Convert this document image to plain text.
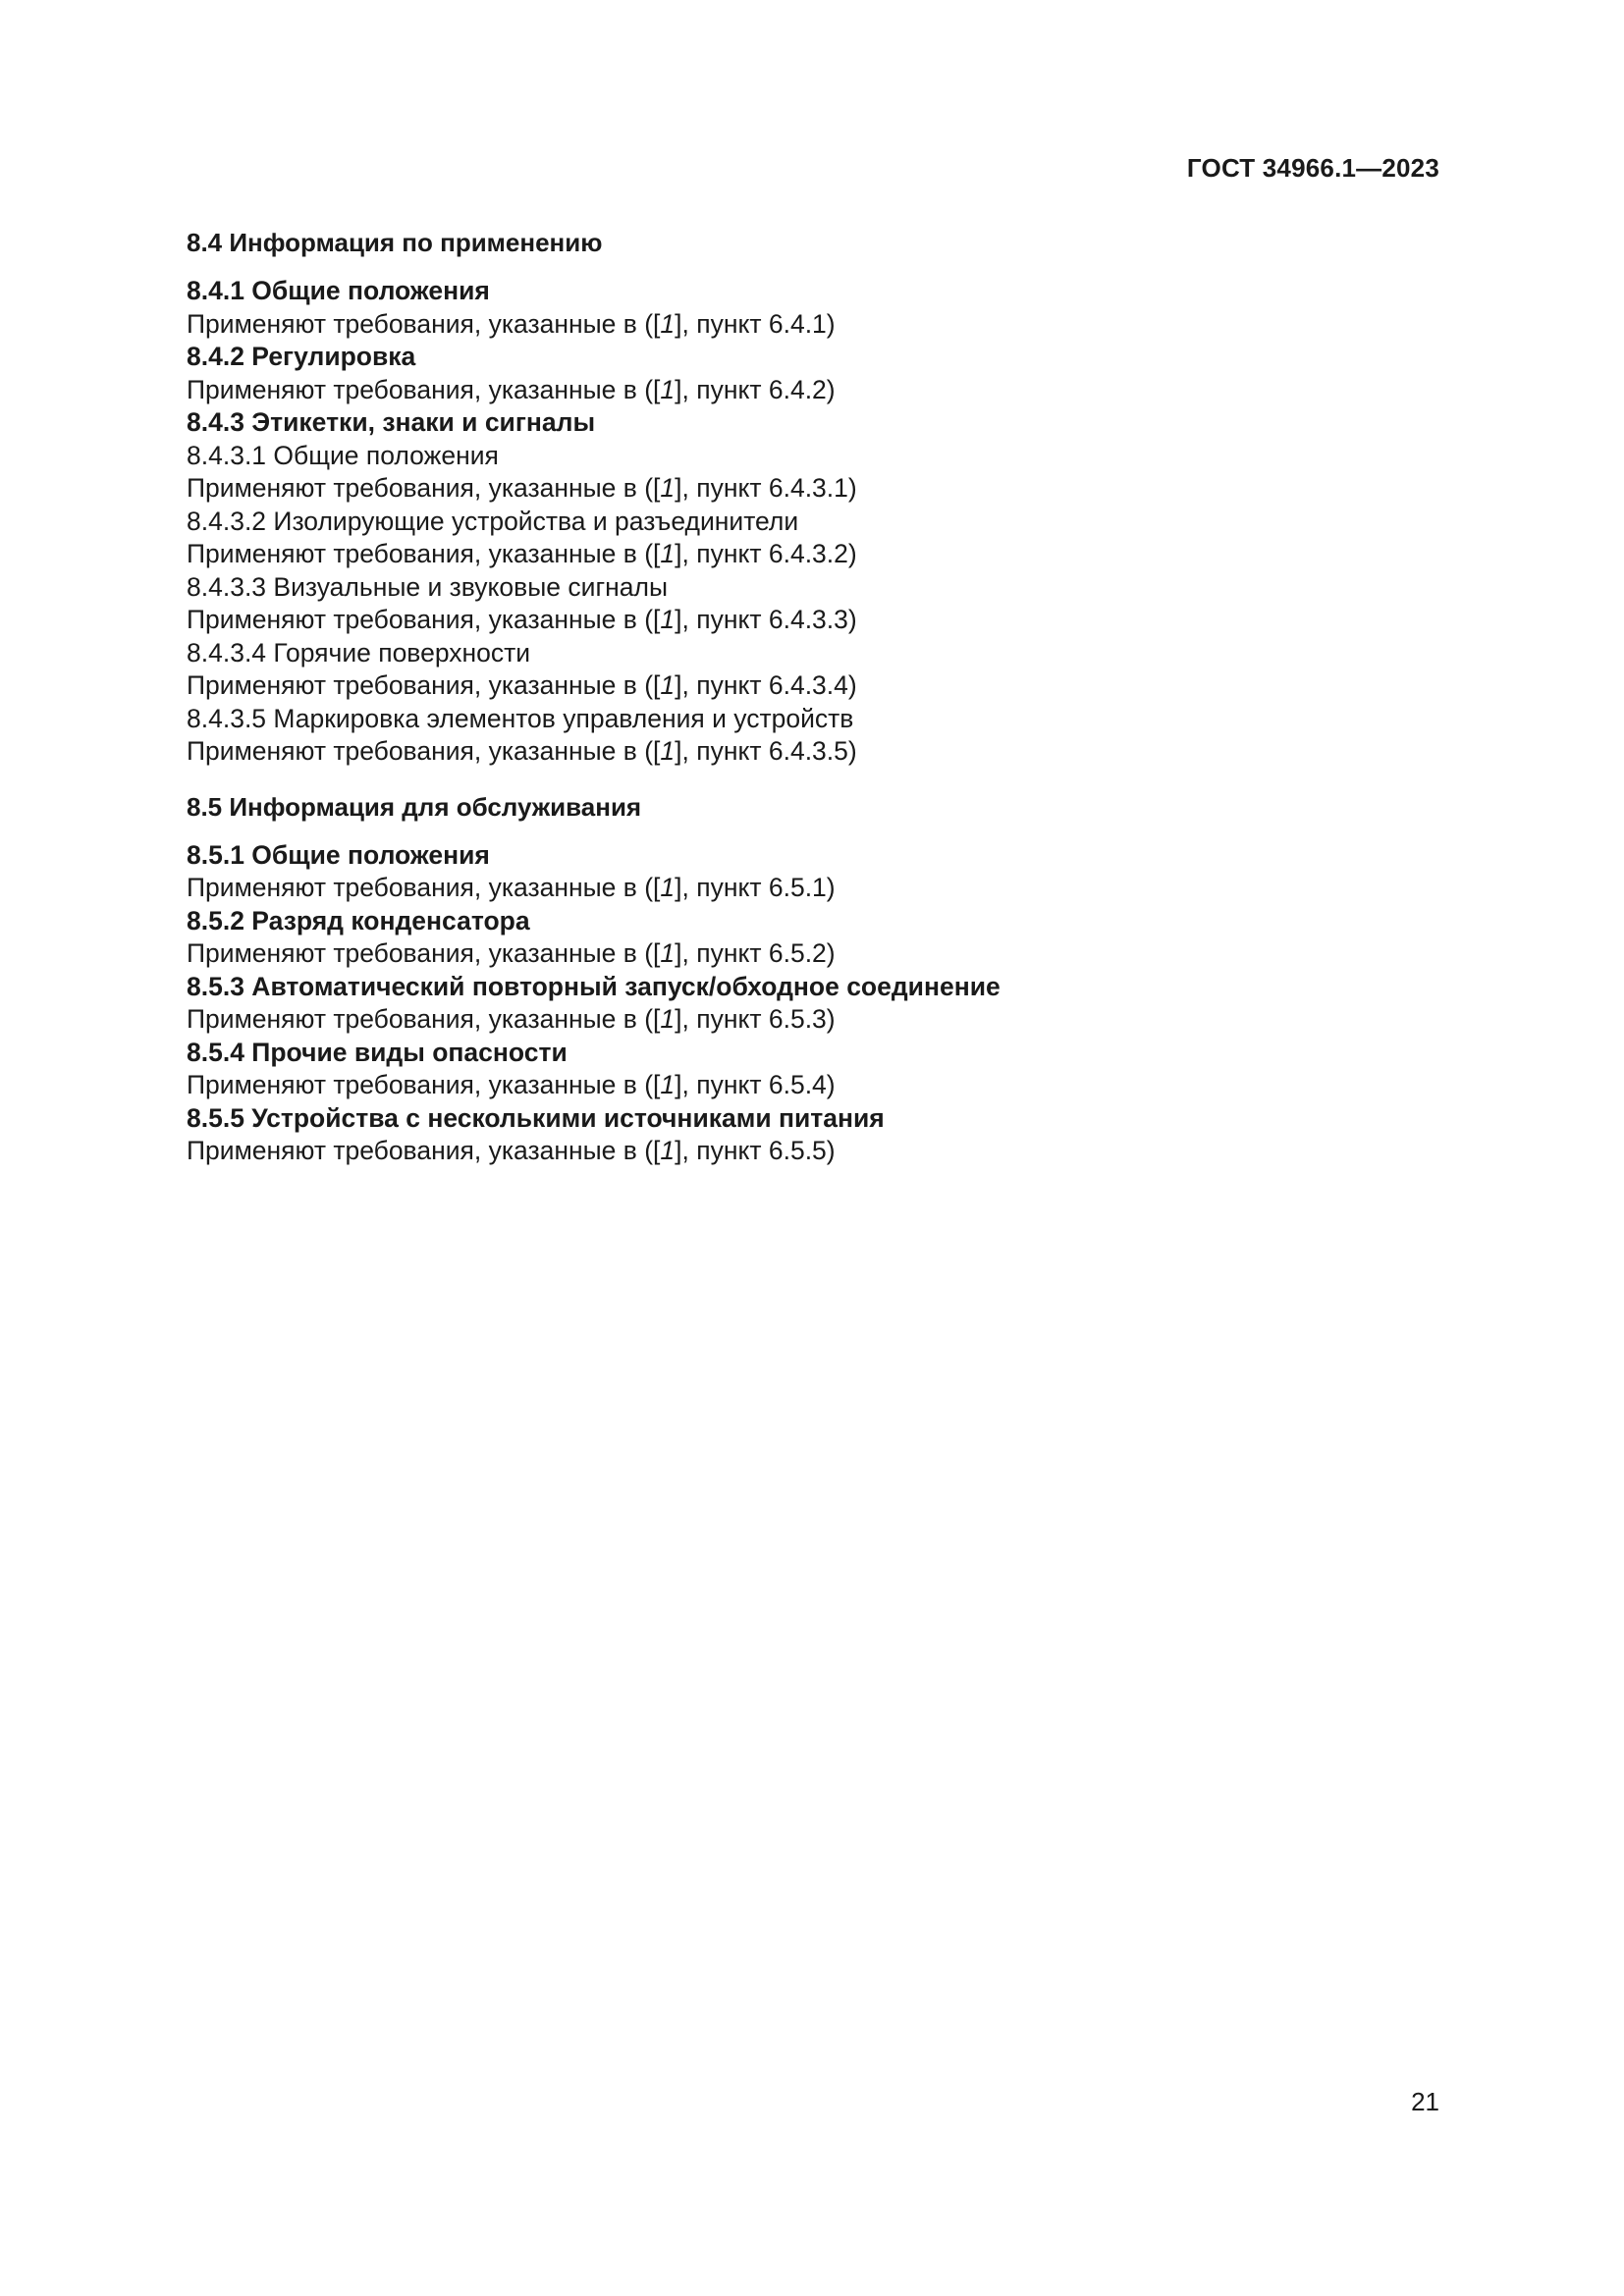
ГОСТ 34966.1—2023

8.4 Информация по применению

8.4.1 Общие положения

Применяют требования, указанные в ([1], пункт 6.4.1)

8.4.2 Регулировка

Применяют требования, указанные в ([1], пункт 6.4.2)

8.4.3 Этикетки, знаки и сигналы

8.4.3.1 Общие положения

Применяют требования, указанные в ([1], пункт 6.4.3.1)

8.4.3.2 Изолирующие устройства и разъединители

Применяют требования, указанные в ([1], пункт 6.4.3.2)

8.4.3.3 Визуальные и звуковые сигналы

Применяют требования, указанные в ([1], пункт 6.4.3.3)

8.4.3.4 Горячие поверхности

Применяют требования, указанные в ([1], пункт 6.4.3.4)

8.4.3.5 Маркировка элементов управления и устройств

Применяют требования, указанные в ([1], пункт 6.4.3.5)

8.5 Информация для обслуживания

8.5.1 Общие положения

Применяют требования, указанные в ([1], пункт 6.5.1)

8.5.2 Разряд конденсатора

Применяют требования, указанные в ([1], пункт 6.5.2)

8.5.3 Автоматический повторный запуск/обходное соединение

Применяют требования, указанные в ([1], пункт 6.5.3)

8.5.4 Прочие виды опасности

Применяют требования, указанные в ([1], пункт 6.5.4)

8.5.5 Устройства с несколькими источниками питания

Применяют требования, указанные в ([1], пункт 6.5.5)

21
